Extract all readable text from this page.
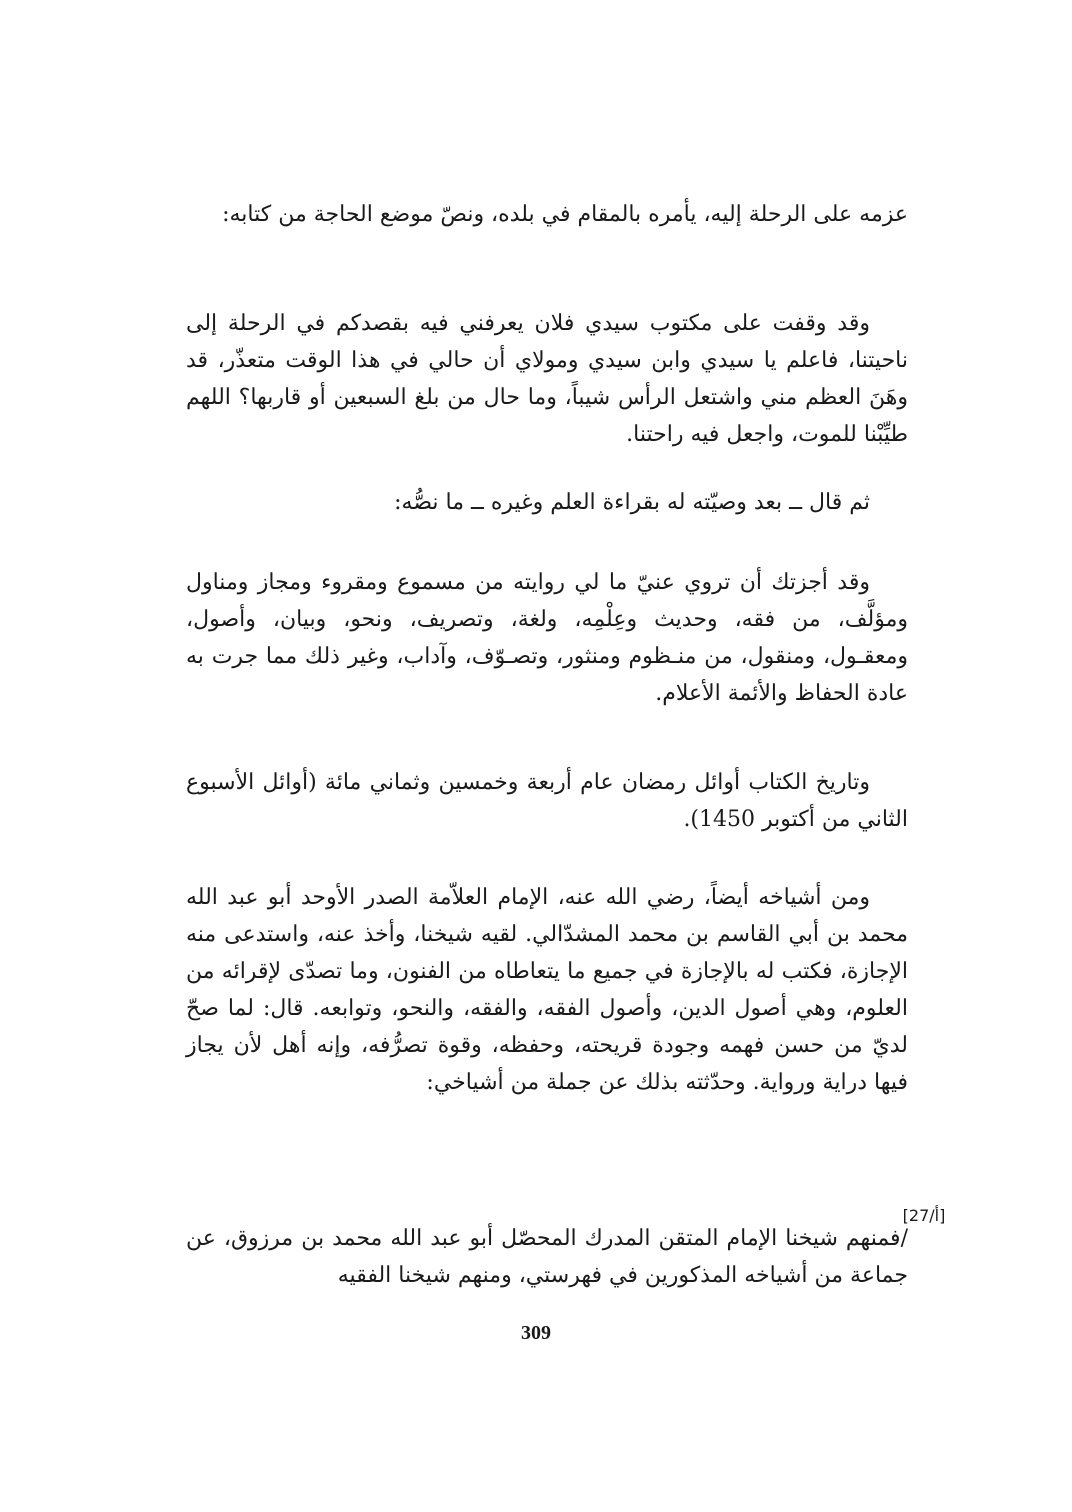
عزمه على الرحلة إليه، يأمره بالمقام في بلده، ونصّ موضع الحاجة من كتابه:

وقد وقفت على مكتوب سيدي فلان يعرفني فيه بقصدكم في الرحلة إلى ناحيتنا، فاعلم يا سيدي وابن سيدي ومولاي أن حالي في هذا الوقت متعذّر، قد وهَنَ العظم مني واشتعل الرأس شيباً، وما حال من بلغ السبعين أو قاربها؟ اللهم طيِّبْنا للموت، واجعل فيه راحتنا.

ثم قال ــ بعد وصيّته له بقراءة العلم وغيره ــ ما نصُّه:

وقد أجزتك أن تروي عنيّ ما لي روايته من مسموع ومقروء ومجاز ومناول ومؤلَّف، من فقه، وحديث وعِلْمِه، ولغة، وتصريف، ونحو، وبيان، وأصول، ومعقـول، ومنقول، من منـظوم ومنثور، وتصـوّف، وآداب، وغير ذلك مما جرت به عادة الحفاظ والأئمة الأعلام.

وتاريخ الكتاب أوائل رمضان عام أربعة وخمسين وثماني مائة (أوائل الأسبوع الثاني من أكتوبر 1450).

ومن أشياخه أيضاً، رضي الله عنه، الإمام العلاّمة الصدر الأوحد أبو عبد الله محمد بن أبي القاسم بن محمد المشدّالي. لقيه شيخنا، وأخذ عنه، واستدعى منه الإجازة، فكتب له بالإجازة في جميع ما يتعاطاه من الفنون، وما تصدّى لإقرائه من العلوم، وهي أصول الدين، وأصول الفقه، والفقه، والنحو، وتوابعه. قال: لما صحّ لديّ من حسن فهمه وجودة قريحته، وحفظه، وقوة تصرُّفه، وإنه أهل لأن يجاز فيها دراية ورواية. وحدّثته بذلك عن جملة من أشياخي:

/فمنهم شيخنا الإمام المتقن المدرك المحصّل أبو عبد الله محمد بن مرزوق، عن جماعة من أشياخه المذكورين في فهرستي، ومنهم شيخنا الفقيه

[27/أ]
309
